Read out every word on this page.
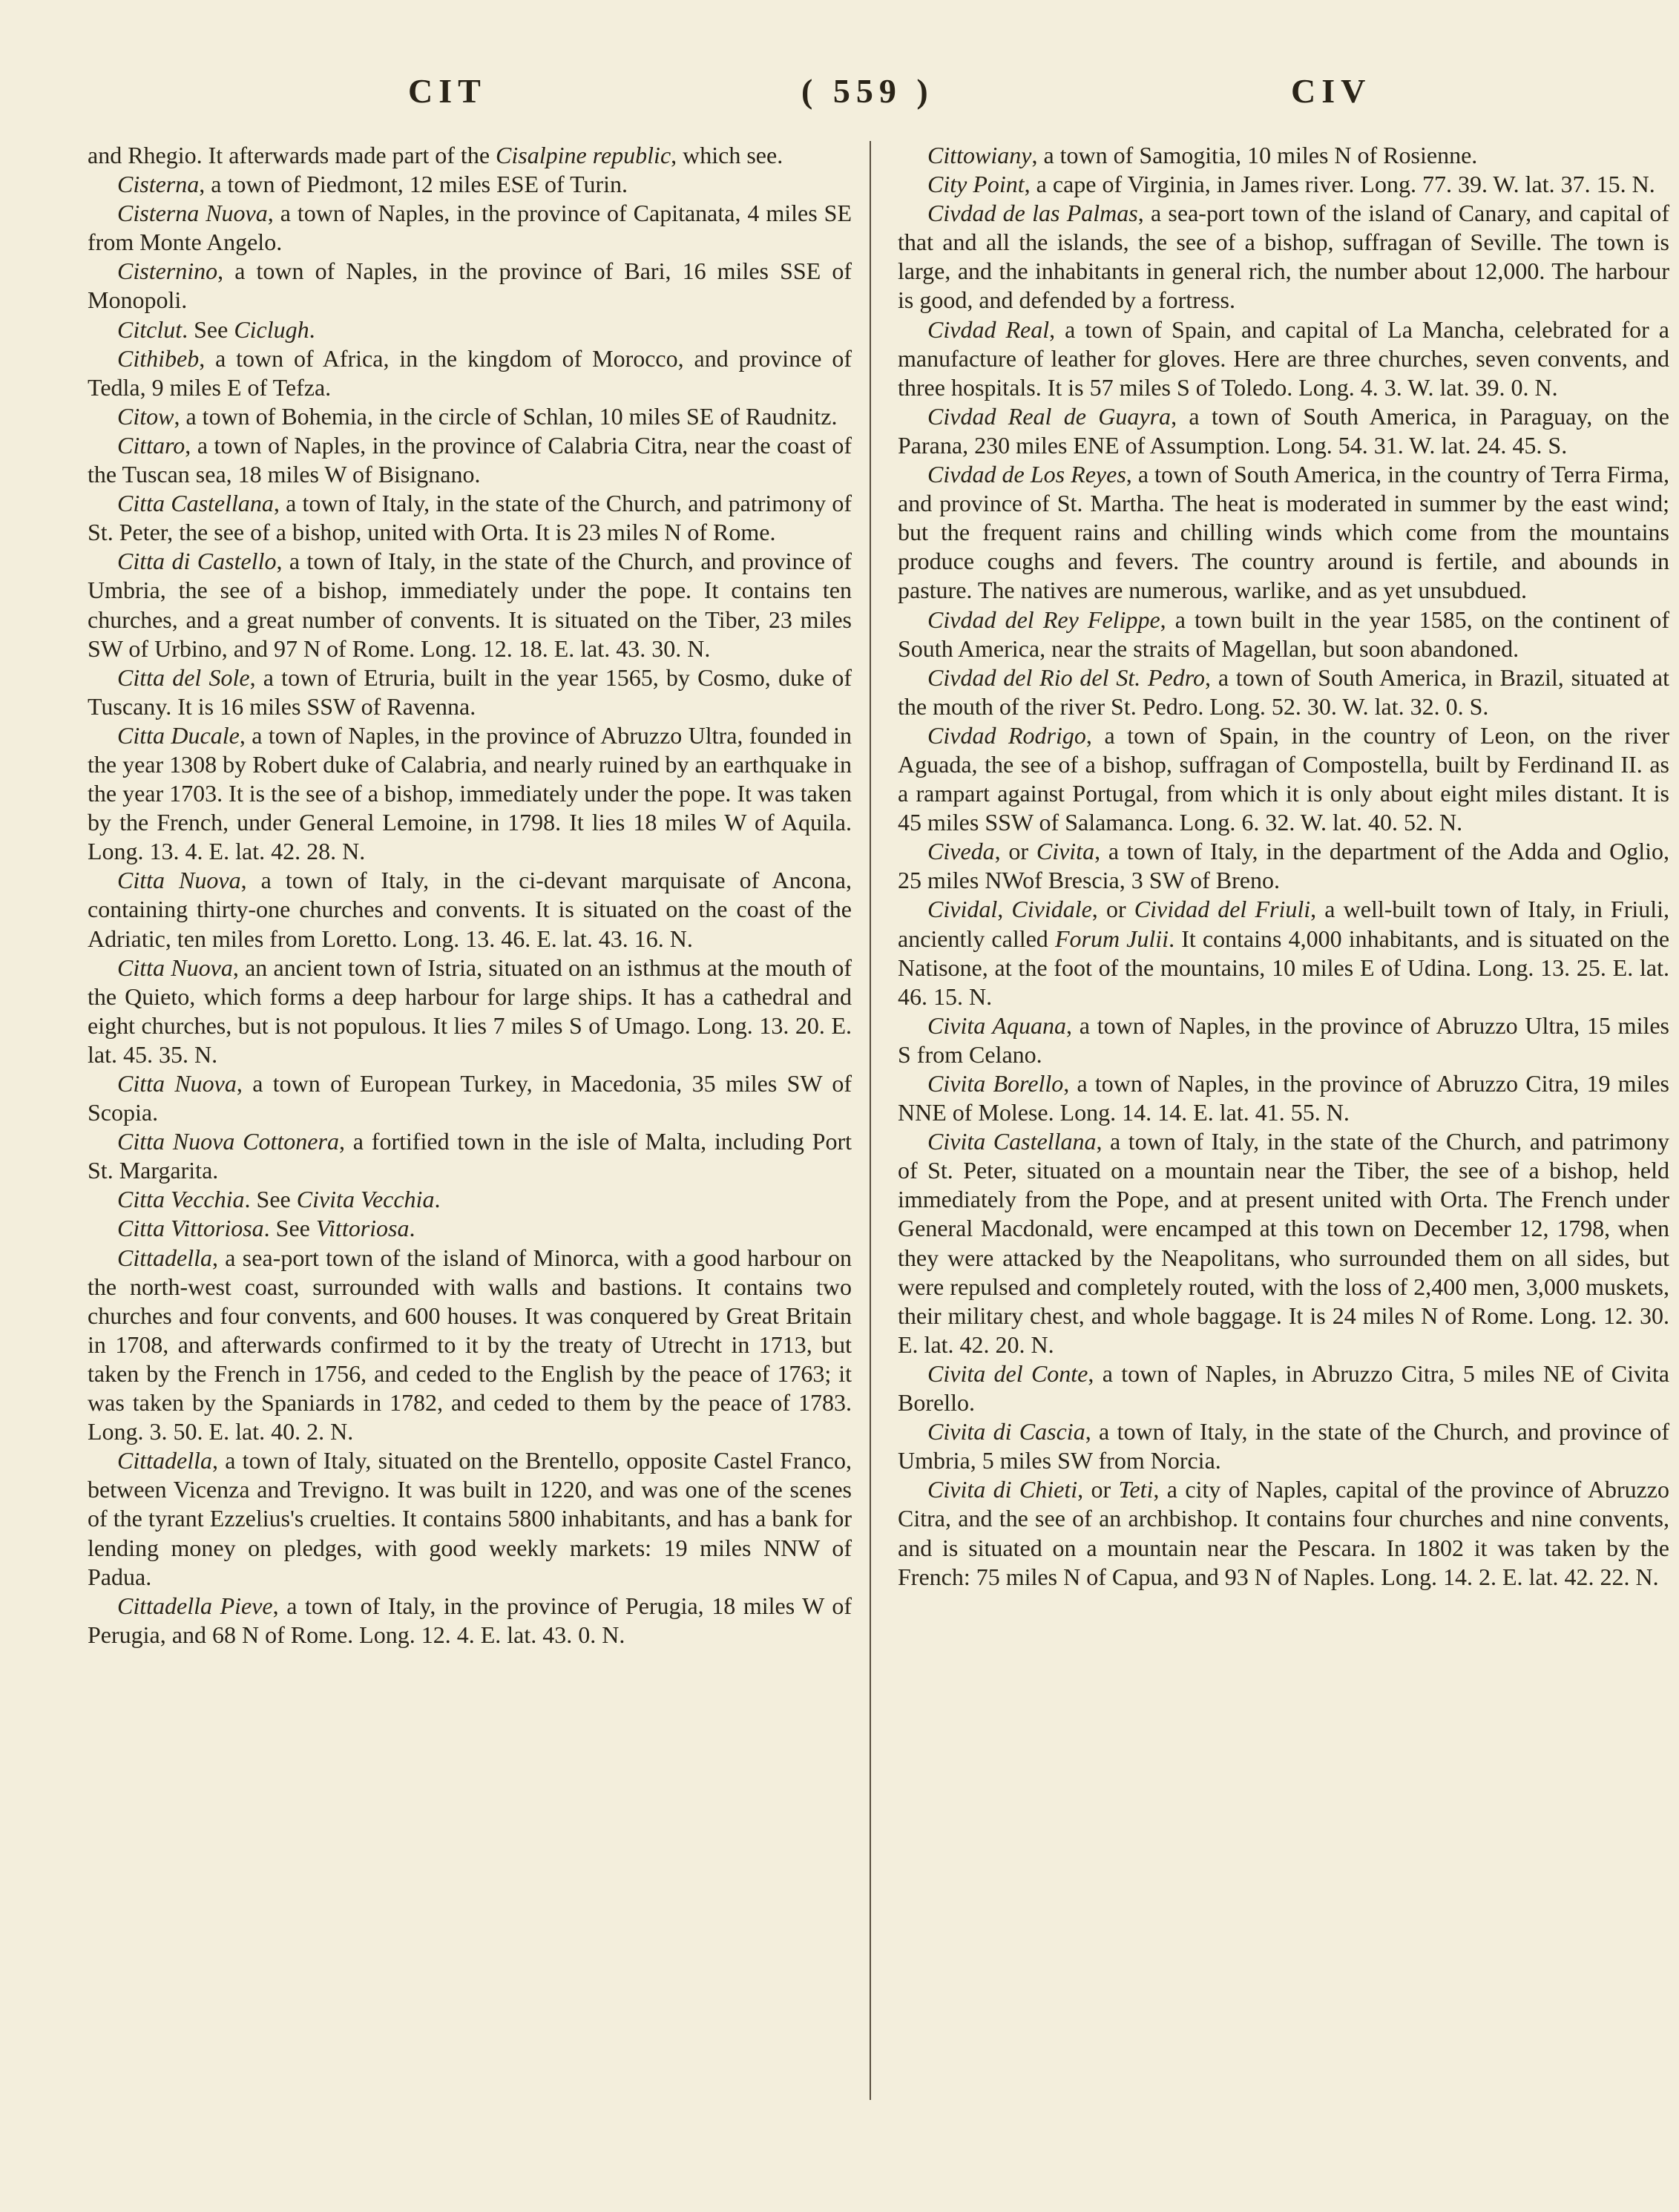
CIT	( 559 )	CIV

and Rhegio. It afterwards made part of the Cisalpine republic, which see.

Cisterna, a town of Piedmont, 12 miles ESE of Turin.

Cisterna Nuova, a town of Naples, in the province of Capitanata, 4 miles SE from Monte Angelo.

Cisternino, a town of Naples, in the province of Bari, 16 miles SSE of Monopoli.

Citclut. See Ciclugh.

Cithibeb, a town of Africa, in the kingdom of Morocco, and province of Tedla, 9 miles E of Tefza.

Citow, a town of Bohemia, in the circle of Schlan, 10 miles SE of Raudnitz.

Cittaro, a town of Naples, in the province of Calabria Citra, near the coast of the Tuscan sea, 18 miles W of Bisignano.

Citta Castellana, a town of Italy, in the state of the Church, and patrimony of St. Peter, the see of a bishop, united with Orta. It is 23 miles N of Rome.

Citta di Castello, a town of Italy, in the state of the Church, and province of Umbria, the see of a bishop, immediately under the pope. It contains ten churches, and a great number of convents. It is situated on the Tiber, 23 miles SW of Urbino, and 97 N of Rome. Long. 12. 18. E. lat. 43. 30. N.

Citta del Sole, a town of Etruria, built in the year 1565, by Cosmo, duke of Tuscany. It is 16 miles SSW of Ravenna.

Citta Ducale, a town of Naples, in the province of Abruzzo Ultra, founded in the year 1308 by Robert duke of Calabria, and nearly ruined by an earthquake in the year 1703. It is the see of a bishop, immediately under the pope. It was taken by the French, under General Lemoine, in 1798. It lies 18 miles W of Aquila. Long. 13. 4. E. lat. 42. 28. N.

Citta Nuova, a town of Italy, in the ci-devant marquisate of Ancona, containing thirty-one churches and convents. It is situated on the coast of the Adriatic, ten miles from Loretto. Long. 13. 46. E. lat. 43. 16. N.

Citta Nuova, an ancient town of Istria, situated on an isthmus at the mouth of the Quieto, which forms a deep harbour for large ships. It has a cathedral and eight churches, but is not populous. It lies 7 miles S of Umago. Long. 13. 20. E. lat. 45. 35. N.

Citta Nuova, a town of European Turkey, in Macedonia, 35 miles SW of Scopia.

Citta Nuova Cottonera, a fortified town in the isle of Malta, including Port St. Margarita.

Citta Vecchia. See Civita Vecchia.

Citta Vittoriosa. See Vittoriosa.

Cittadella, a sea-port town of the island of Minorca, with a good harbour on the north-west coast, surrounded with walls and bastions. It contains two churches and four convents, and 600 houses. It was conquered by Great Britain in 1708, and afterwards confirmed to it by the treaty of Utrecht in 1713, but taken by the French in 1756, and ceded to the English by the peace of 1763; it was taken by the Spaniards in 1782, and ceded to them by the peace of 1783. Long. 3. 50. E. lat. 40. 2. N.

Cittadella, a town of Italy, situated on the Brentello, opposite Castel Franco, between Vicenza and Trevigno. It was built in 1220, and was one of the scenes of the tyrant Ezzelius's cruelties. It contains 5800 inhabitants, and has a bank for lending money on pledges, with good weekly markets: 19 miles NNW of Padua.

Cittadella Pieve, a town of Italy, in the province of Perugia, 18 miles W of Perugia, and 68 N of Rome. Long. 12. 4. E. lat. 43. 0. N.

Cittowiany, a town of Samogitia, 10 miles N of Rosienne.

City Point, a cape of Virginia, in James river. Long. 77. 39. W. lat. 37. 15. N.

Civdad de las Palmas, a sea-port town of the island of Canary, and capital of that and all the islands, the see of a bishop, suffragan of Seville. The town is large, and the inhabitants in general rich, the number about 12,000. The harbour is good, and defended by a fortress.

Civdad Real, a town of Spain, and capital of La Mancha, celebrated for a manufacture of leather for gloves. Here are three churches, seven convents, and three hospitals. It is 57 miles S of Toledo. Long. 4. 3. W. lat. 39. 0. N.

Civdad Real de Guayra, a town of South America, in Paraguay, on the Parana, 230 miles ENE of Assumption. Long. 54. 31. W. lat. 24. 45. S.

Civdad de Los Reyes, a town of South America, in the country of Terra Firma, and province of St. Martha. The heat is moderated in summer by the east wind; but the frequent rains and chilling winds which come from the mountains produce coughs and fevers. The country around is fertile, and abounds in pasture. The natives are numerous, warlike, and as yet unsubdued.

Civdad del Rey Felippe, a town built in the year 1585, on the continent of South America, near the straits of Magellan, but soon abandoned.

Civdad del Rio del St. Pedro, a town of South America, in Brazil, situated at the mouth of the river St. Pedro. Long. 52. 30. W. lat. 32. 0. S.

Civdad Rodrigo, a town of Spain, in the country of Leon, on the river Aguada, the see of a bishop, suffragan of Compostella, built by Ferdinand II. as a rampart against Portugal, from which it is only about eight miles distant. It is 45 miles SSW of Salamanca. Long. 6. 32. W. lat. 40. 52. N.

Civeda, or Civita, a town of Italy, in the department of the Adda and Oglio, 25 miles NWof Brescia, 3 SW of Breno.

Cividal, Cividale, or Cividad del Friuli, a well-built town of Italy, in Friuli, anciently called Forum Julii. It contains 4,000 inhabitants, and is situated on the Natisone, at the foot of the mountains, 10 miles E of Udina. Long. 13. 25. E. lat. 46. 15. N.

Civita Aquana, a town of Naples, in the province of Abruzzo Ultra, 15 miles S from Celano.

Civita Borello, a town of Naples, in the province of Abruzzo Citra, 19 miles NNE of Molese. Long. 14. 14. E. lat. 41. 55. N.

Civita Castellana, a town of Italy, in the state of the Church, and patrimony of St. Peter, situated on a mountain near the Tiber, the see of a bishop, held immediately from the Pope, and at present united with Orta. The French under General Macdonald, were encamped at this town on December 12, 1798, when they were attacked by the Neapolitans, who surrounded them on all sides, but were repulsed and completely routed, with the loss of 2,400 men, 3,000 muskets, their military chest, and whole baggage. It is 24 miles N of Rome. Long. 12. 30. E. lat. 42. 20. N.

Civita del Conte, a town of Naples, in Abruzzo Citra, 5 miles NE of Civita Borello.

Civita di Cascia, a town of Italy, in the state of the Church, and province of Umbria, 5 miles SW from Norcia.

Civita di Chieti, or Teti, a city of Naples, capital of the province of Abruzzo Citra, and the see of an archbishop. It contains four churches and nine convents, and is situated on a mountain near the Pescara. In 1802 it was taken by the French: 75 miles N of Capua, and 93 N of Naples. Long. 14. 2. E. lat. 42. 22. N.
